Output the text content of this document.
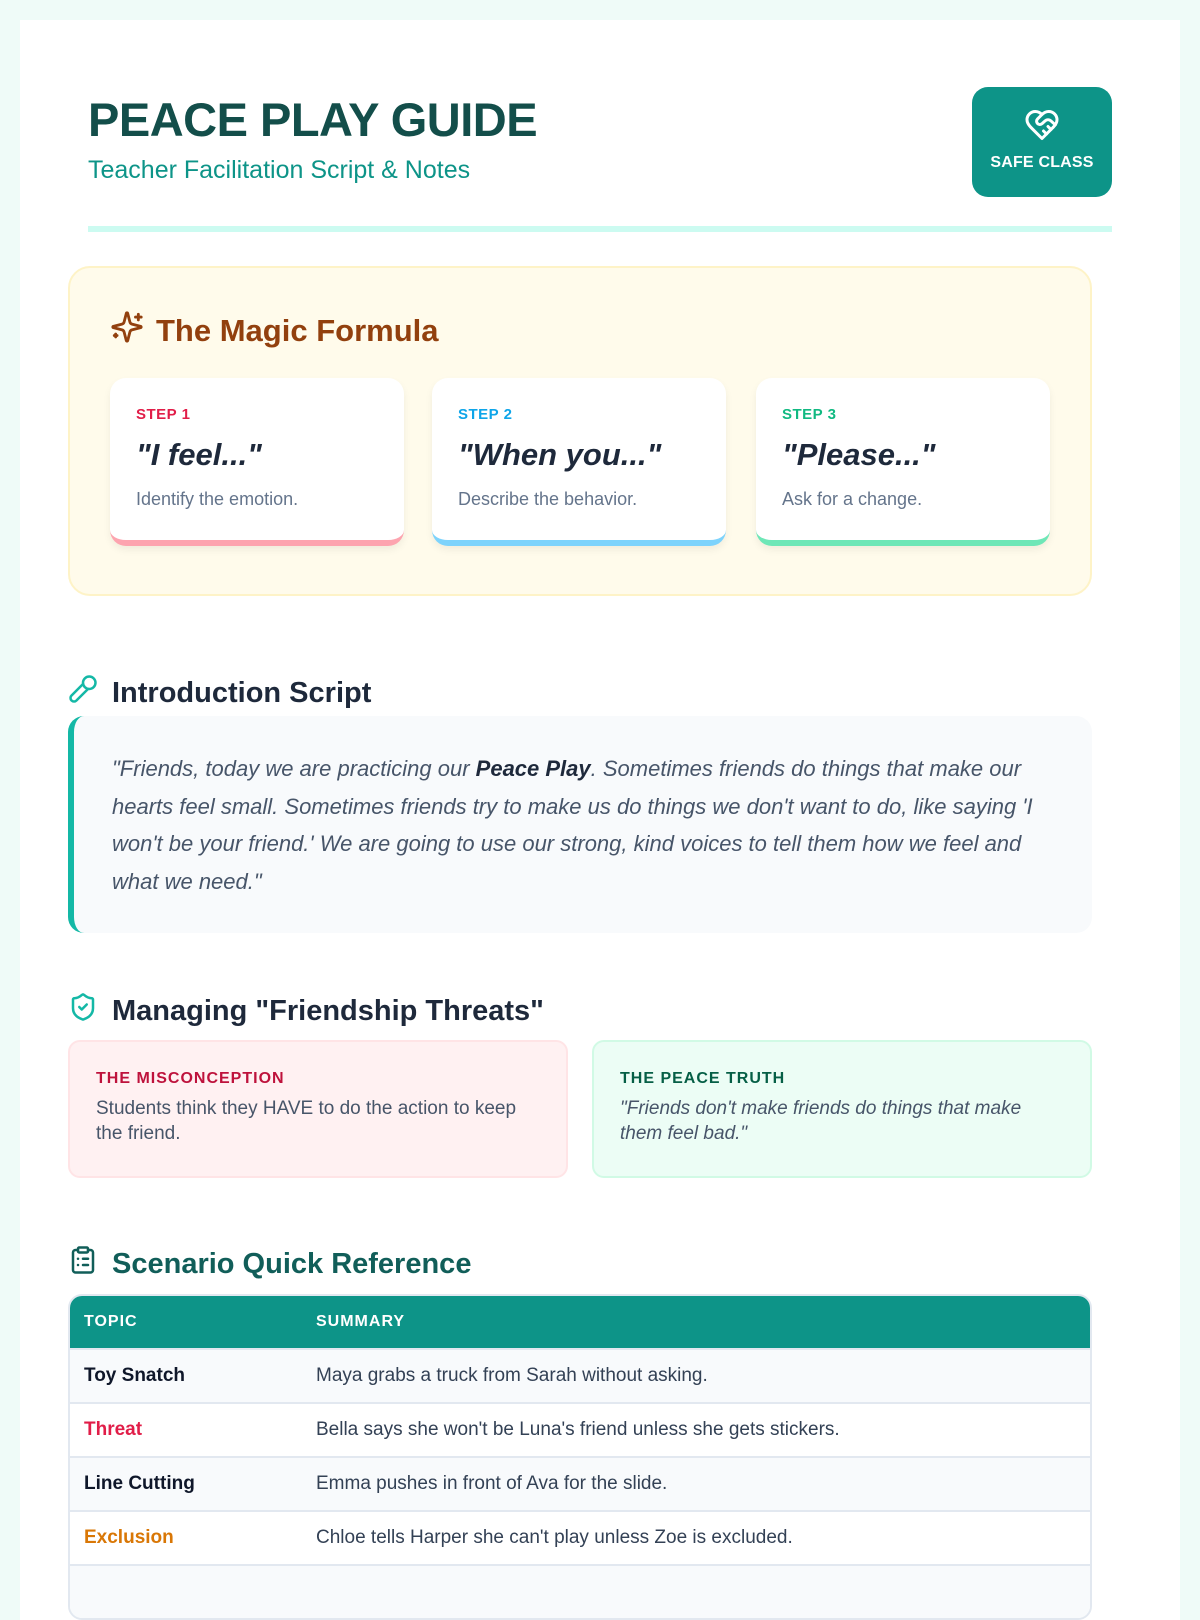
PEACE PLAY GUIDE
Teacher Facilitation Script & Notes	SAFE CLASS
The Magic Formula
STEP 1
"I feel..."
Identify the emotion.
STEP 2
"When you..."
Describe the behavior.
STEP 3
"Please..."
Ask for a change.
Introduction Script
"Friends, today we are practicing our Peace Play. Sometimes friends do things that make our hearts feel small. Sometimes friends try to make us do things we don't want to do, like saying 'I won't be your friend.' We are going to use our strong, kind voices to tell them how we feel and what we need."
Managing "Friendship Threats"
THE MISCONCEPTION
Students think they HAVE to do the action to keep the friend.
THE PEACE TRUTH
"Friends don't make friends do things that make them feel bad."
Scenario Quick Reference
TOPIC	SUMMARY
Toy Snatch	Maya grabs a truck from Sarah without asking.
Threat	Bella says she won't be Luna's friend unless she gets stickers.
Line Cutting	Emma pushes in front of Ava for the slide.
Exclusion	Chloe tells Harper she can't play unless Zoe is excluded.
